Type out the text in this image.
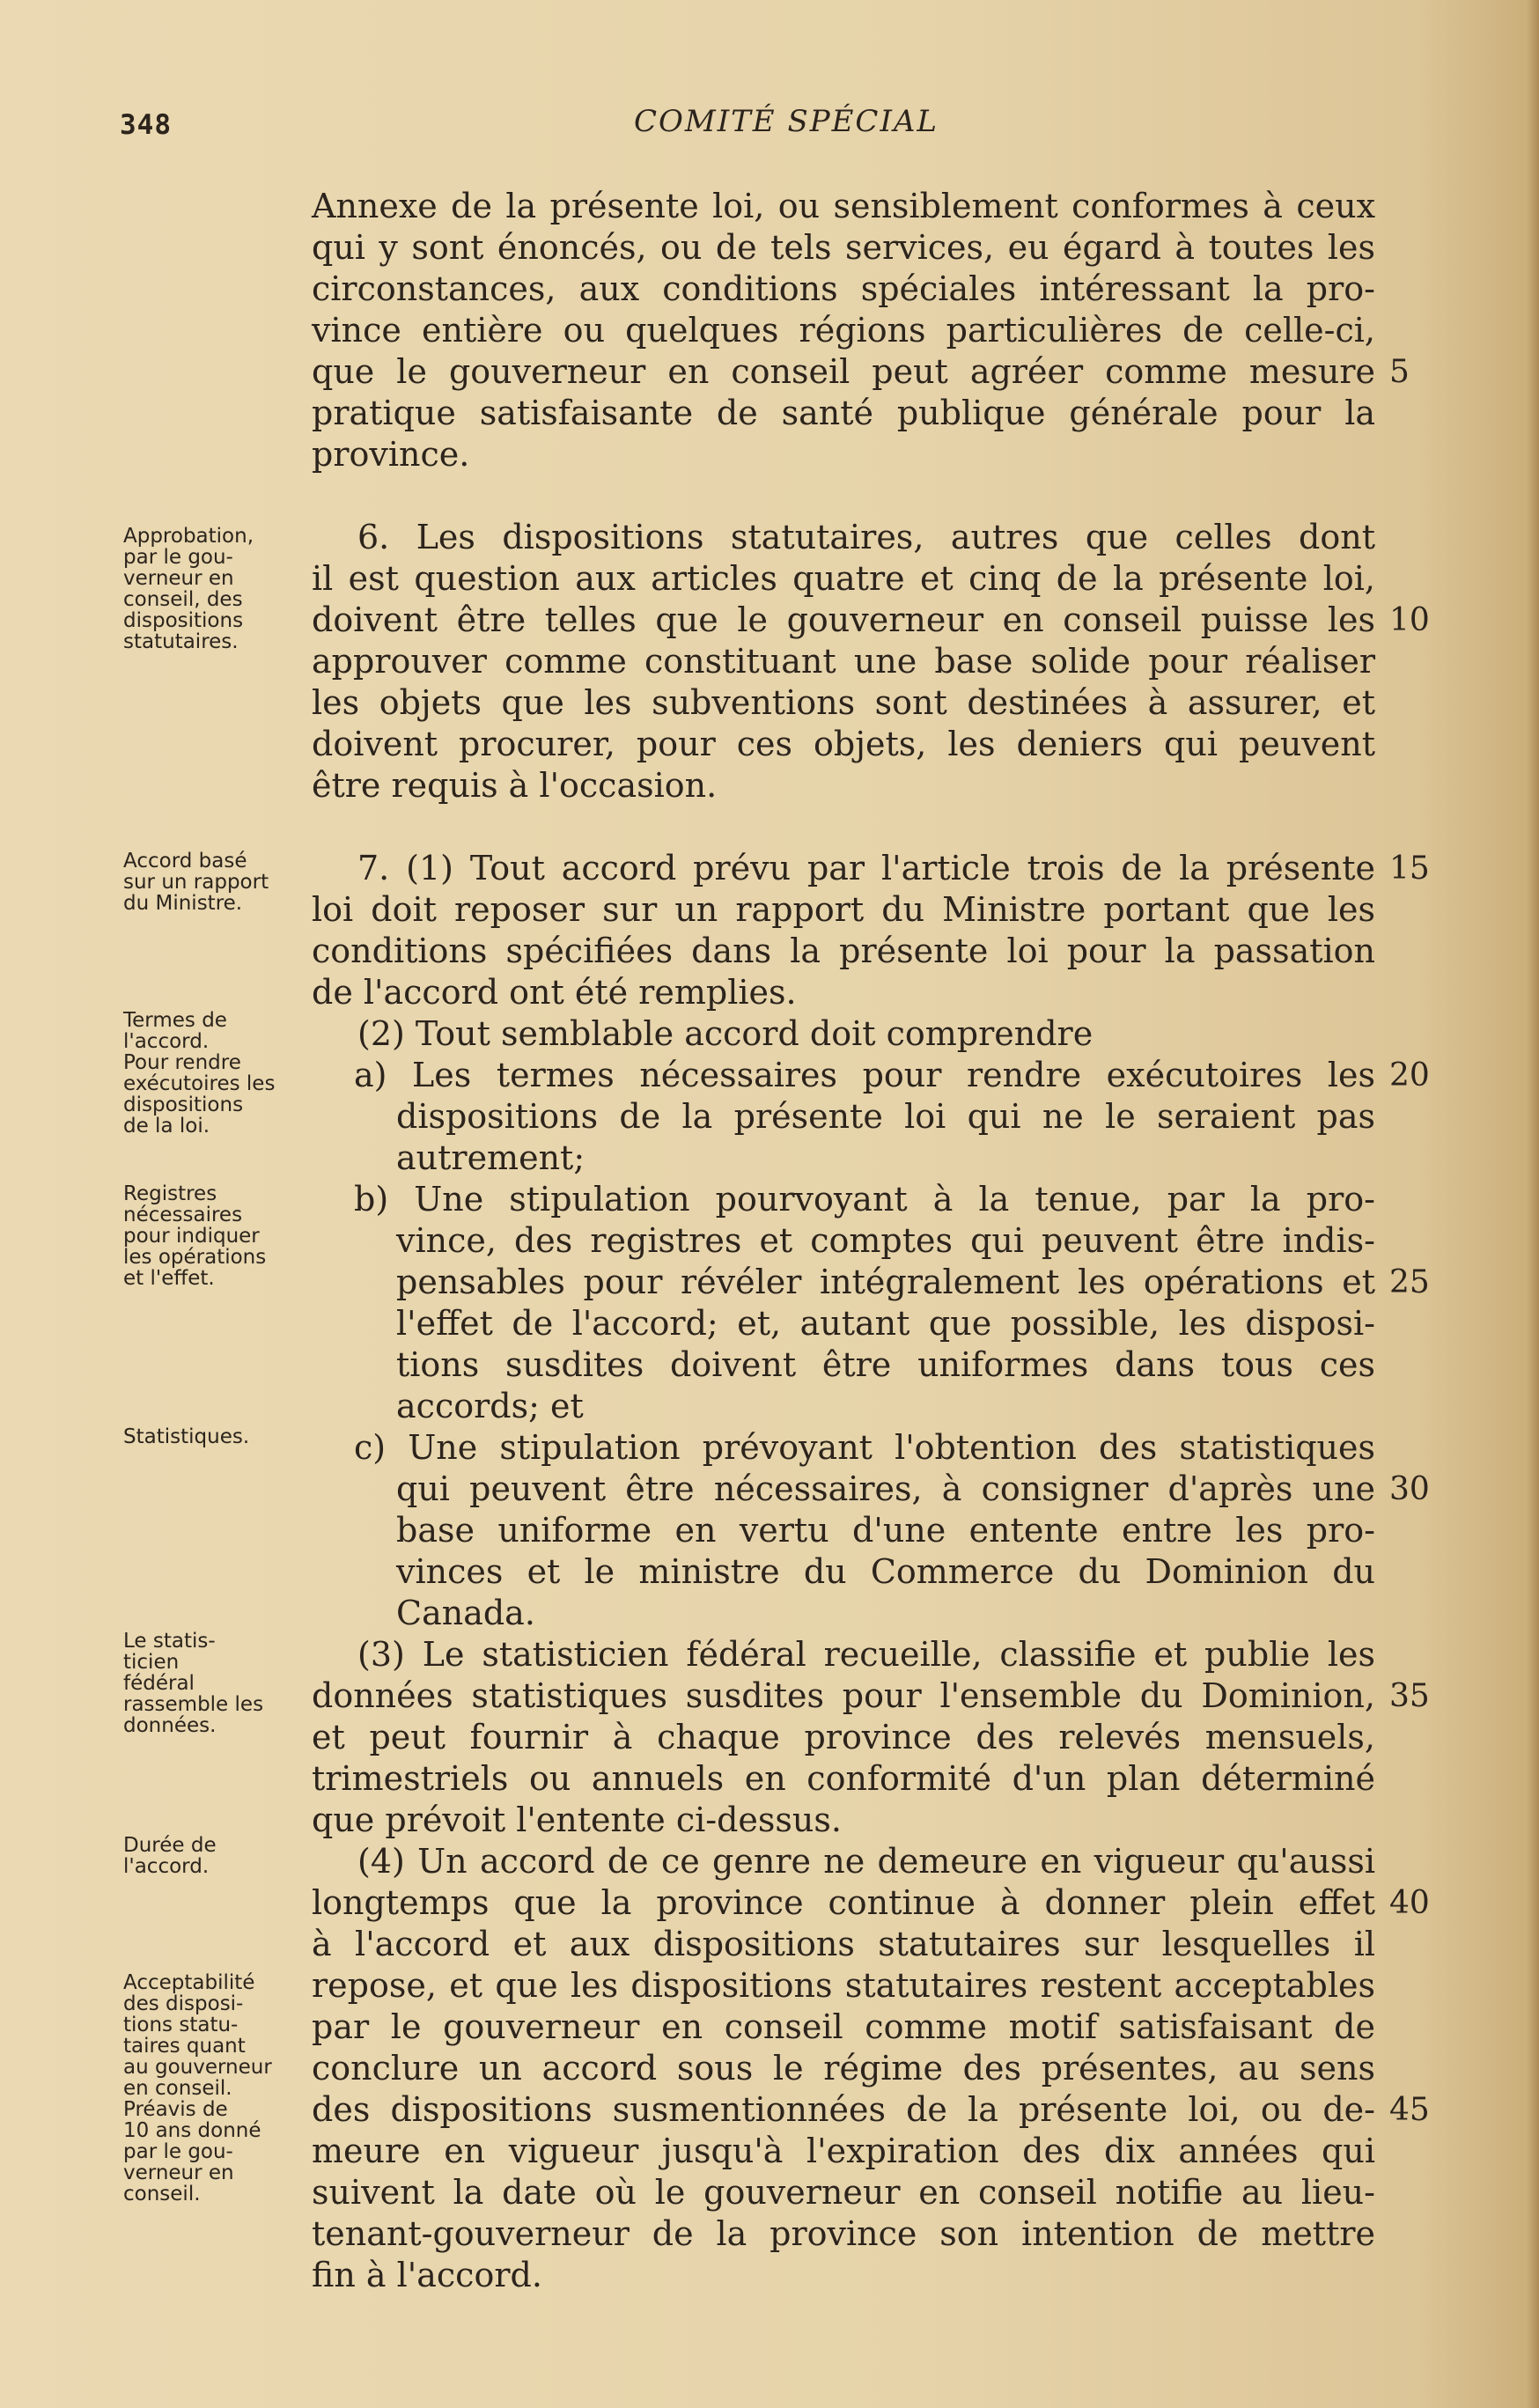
348	COMITÉ SPÉCIAL
Annexe de la présente loi, ou sensiblement conformes à ceux
qui y sont énoncés, ou de tels services, eu égard à toutes les
circonstances, aux conditions spéciales intéressant la pro-
vince entière ou quelques régions particulières de celle-ci,
que le gouverneur en conseil peut agréer comme mesure
pratique satisfaisante de santé publique générale pour la
province.
6. Les dispositions statutaires, autres que celles dont
il est question aux articles quatre et cinq de la présente loi,
doivent être telles que le gouverneur en conseil puisse les
approuver comme constituant une base solide pour réaliser
les objets que les subventions sont destinées à assurer, et
doivent procurer, pour ces objets, les deniers qui peuvent
être requis à l'occasion.
7. (1) Tout accord prévu par l'article trois de la présente
loi doit reposer sur un rapport du Ministre portant que les
conditions spécifiées dans la présente loi pour la passation
de l'accord ont été remplies.
(2) Tout semblable accord doit comprendre
a) Les termes nécessaires pour rendre exécutoires les
dispositions de la présente loi qui ne le seraient pas
autrement;
b) Une stipulation pourvoyant à la tenue, par la pro-
vince, des registres et comptes qui peuvent être indis-
pensables pour révéler intégralement les opérations et
l'effet de l'accord; et, autant que possible, les disposi-
tions susdites doivent être uniformes dans tous ces
accords; et
c) Une stipulation prévoyant l'obtention des statistiques
qui peuvent être nécessaires, à consigner d'après une
base uniforme en vertu d'une entente entre les pro-
vinces et le ministre du Commerce du Dominion du
Canada.
(3) Le statisticien fédéral recueille, classifie et publie les
données statistiques susdites pour l'ensemble du Dominion,
et peut fournir à chaque province des relevés mensuels,
trimestriels ou annuels en conformité d'un plan déterminé
que prévoit l'entente ci-dessus.
(4) Un accord de ce genre ne demeure en vigueur qu'aussi
longtemps que la province continue à donner plein effet
à l'accord et aux dispositions statutaires sur lesquelles il
repose, et que les dispositions statutaires restent acceptables
par le gouverneur en conseil comme motif satisfaisant de
conclure un accord sous le régime des présentes, au sens
des dispositions susmentionnées de la présente loi, ou de-
meure en vigueur jusqu'à l'expiration des dix années qui
suivent la date où le gouverneur en conseil notifie au lieu-
tenant-gouverneur de la province son intention de mettre
fin à l'accord.
5
10
15
20
25
30
35
40
45
Approbation,
par le gou-
verneur en
conseil, des
dispositions
statutaires.
Accord basé
sur un rapport
du Ministre.
Termes de
l'accord.
Pour rendre
exécutoires les
dispositions
de la loi.
Registres
nécessaires
pour indiquer
les opérations
et l'effet.
Statistiques.
Le statis-
ticien
fédéral
rassemble les
données.
Durée de
l'accord.
Acceptabilité
des disposi-
tions statu-
taires quant
au gouverneur
en conseil.
Préavis de
10 ans donné
par le gou-
verneur en
conseil.
